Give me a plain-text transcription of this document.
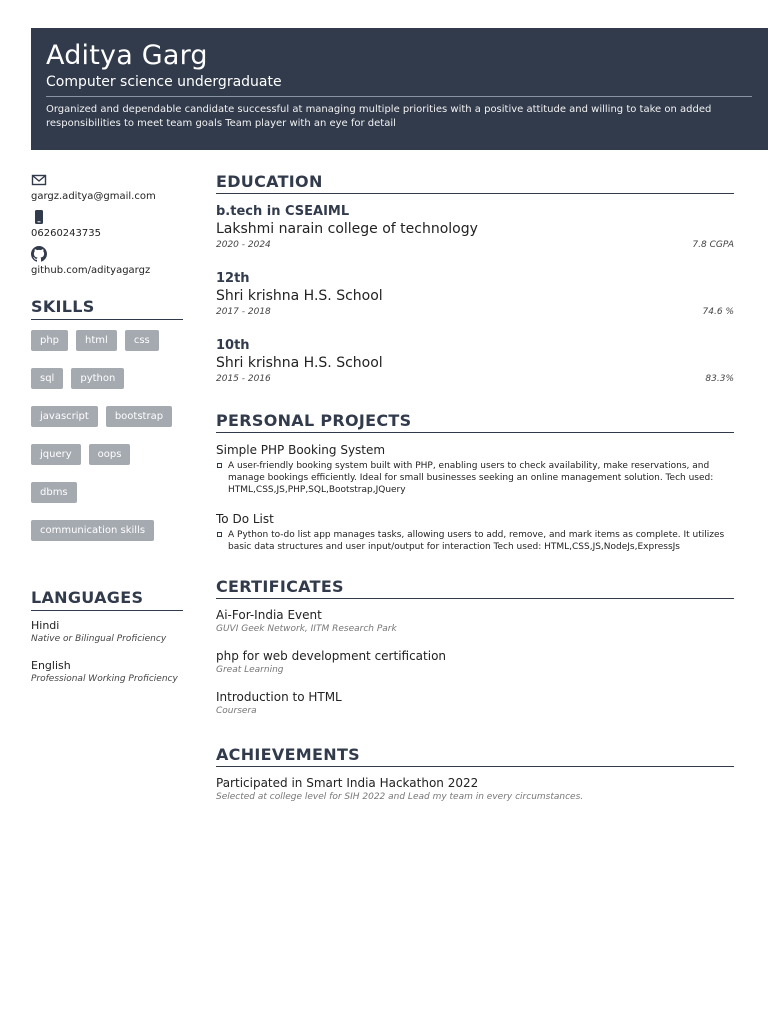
Aditya Garg
Computer science undergraduate
Organized and dependable candidate successful at managing multiple priorities with a positive attitude and willing to take on added responsibilities to meet team goals Team player with an eye for detail
gargz.aditya@gmail.com
06260243735
github.com/adityagargz
SKILLS
php	html	css
sql	python
javascript	bootstrap
jquery	oops
dbms
communication skills
LANGUAGES
Hindi
Native or Bilingual Proficiency
English
Professional Working Proficiency
EDUCATION
b.tech in CSEAIML
Lakshmi narain college of technology
2020 - 2024	7.8 CGPA
12th
Shri krishna H.S. School
2017 - 2018	74.6 %
10th
Shri krishna H.S. School
2015 - 2016	83.3%
PERSONAL PROJECTS
Simple PHP Booking System
A user-friendly booking system built with PHP, enabling users to check availability, make reservations, and manage bookings efficiently. Ideal for small businesses seeking an online management solution. Tech used: HTML,CSS,JS,PHP,SQL,Bootstrap,JQuery
To Do List
A Python to-do list app manages tasks, allowing users to add, remove, and mark items as complete. It utilizes basic data structures and user input/output for interaction Tech used: HTML,CSS,JS,NodeJs,ExpressJs
CERTIFICATES
Ai-For-India Event
GUVI Geek Network, IITM Research Park
php for web development certification
Great Learning
Introduction to HTML
Coursera
ACHIEVEMENTS
Participated in Smart India Hackathon 2022
Selected at college level for SIH 2022 and Lead my team in every circumstances.
